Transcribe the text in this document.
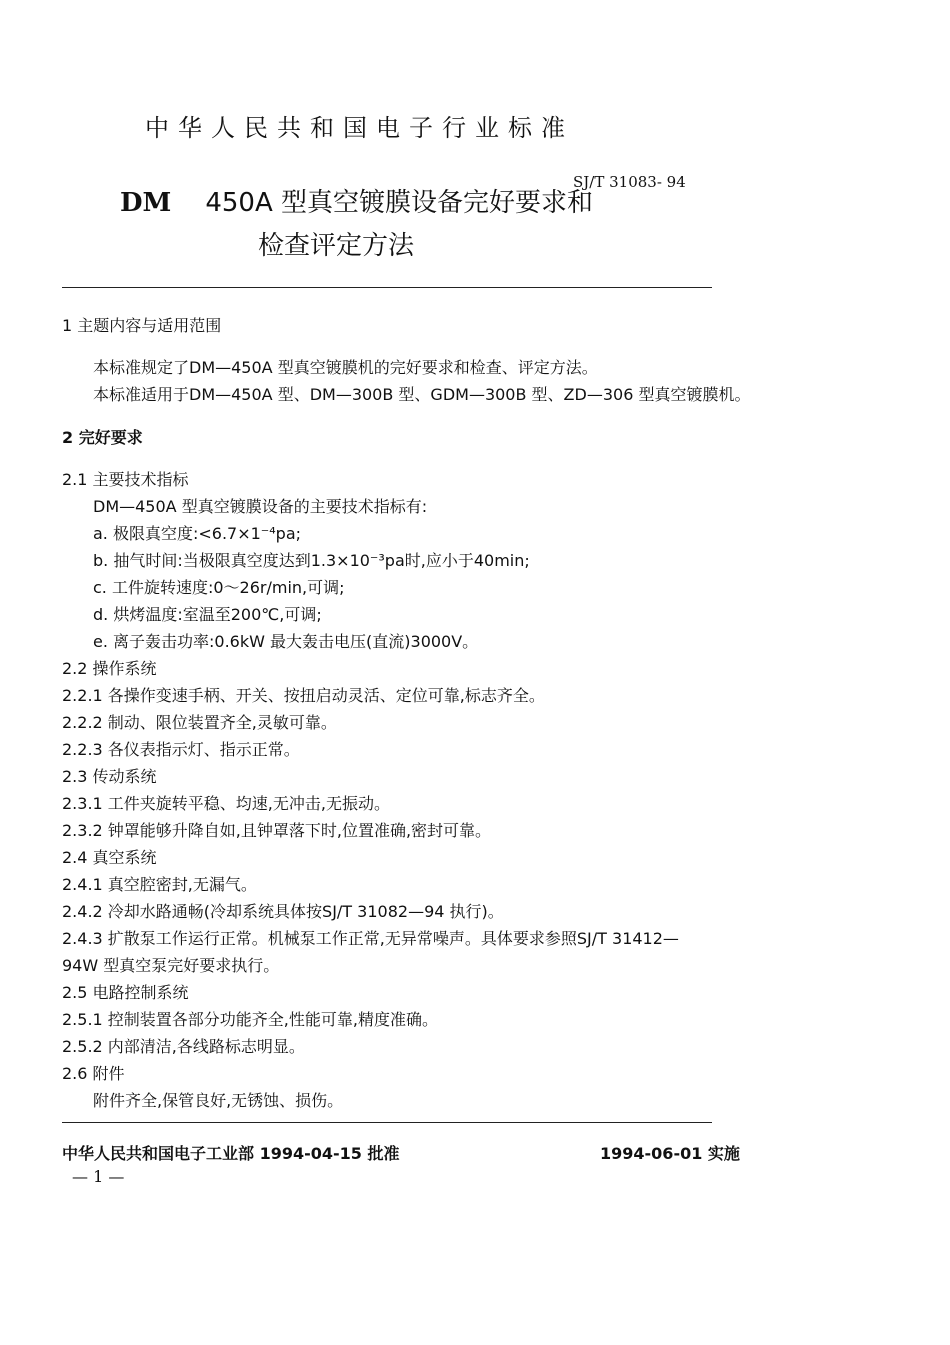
中华人民共和国电子行业标准
SJ/T 31083- 94
DM 450A 型真空镀膜设备完好要求和
检查评定方法
1 主题内容与适用范围
本标准规定了DM—450A 型真空镀膜机的完好要求和检查、评定方法。
本标准适用于DM—450A 型、DM—300B 型、GDM—300B 型、ZD—306 型真空镀膜机。
2 完好要求
2.1 主要技术指标
DM—450A 型真空镀膜设备的主要技术指标有:
a. 极限真空度:<6.7×1⁻⁴pa;
b. 抽气时间:当极限真空度达到1.3×10⁻³pa时,应小于40min;
c. 工件旋转速度:0～26r/min,可调;
d. 烘烤温度:室温至200℃,可调;
e. 离子轰击功率:0.6kW 最大轰击电压(直流)3000V。
2.2 操作系统
2.2.1 各操作变速手柄、开关、按扭启动灵活、定位可靠,标志齐全。
2.2.2 制动、限位装置齐全,灵敏可靠。
2.2.3 各仪表指示灯、指示正常。
2.3 传动系统
2.3.1 工件夹旋转平稳、均速,无冲击,无振动。
2.3.2 钟罩能够升降自如,且钟罩落下时,位置准确,密封可靠。
2.4 真空系统
2.4.1 真空腔密封,无漏气。
2.4.2 冷却水路通畅(冷却系统具体按SJ/T 31082—94 执行)。
2.4.3 扩散泵工作运行正常。机械泵工作正常,无异常噪声。具体要求参照SJ/T 31412—
94W 型真空泵完好要求执行。
2.5 电路控制系统
2.5.1 控制装置各部分功能齐全,性能可靠,精度准确。
2.5.2 内部清洁,各线路标志明显。
2.6 附件
附件齐全,保管良好,无锈蚀、损伤。
中华人民共和国电子工业部 1994-04-15 批准	1994-06-01 实施
— 1 —
